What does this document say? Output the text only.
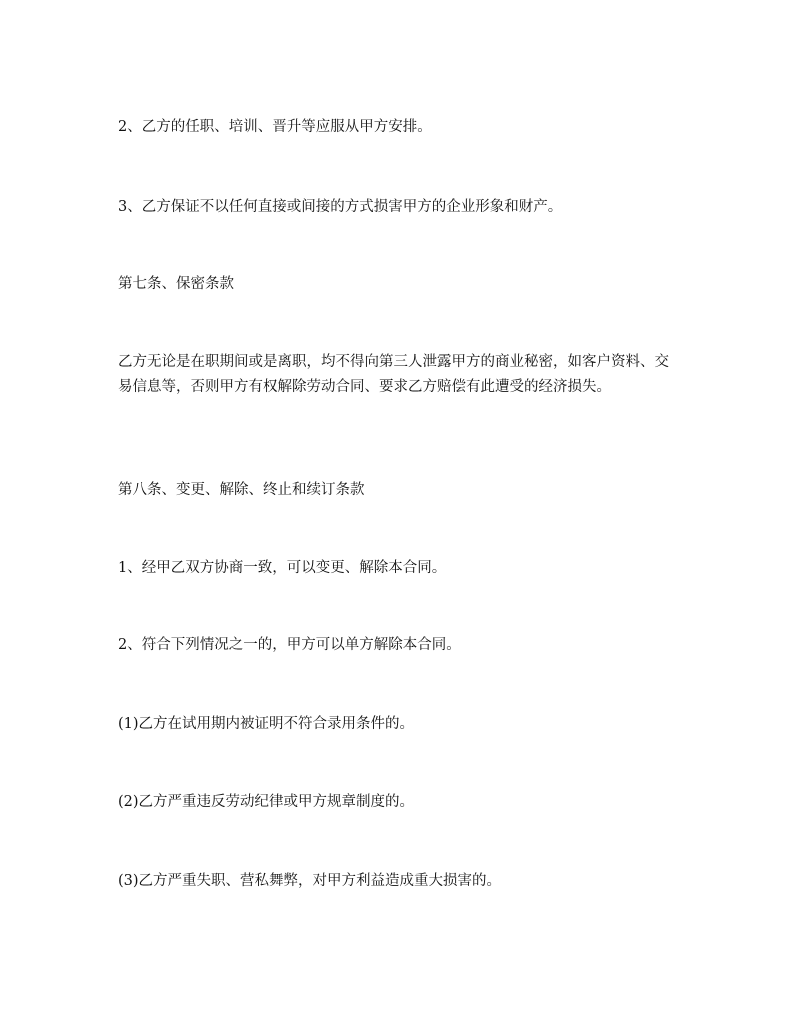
2、乙方的任职、培训、晋升等应服从甲方安排。

3、乙方保证不以任何直接或间接的方式损害甲方的企业形象和财产。

第七条、保密条款

乙方无论是在职期间或是离职，均不得向第三人泄露甲方的商业秘密，如客户资料、交易信息等，否则甲方有权解除劳动合同、要求乙方赔偿有此遭受的经济损失。

第八条、变更、解除、终止和续订条款

1、经甲乙双方协商一致，可以变更、解除本合同。

2、符合下列情况之一的，甲方可以单方解除本合同。

(1)乙方在试用期内被证明不符合录用条件的。

(2)乙方严重违反劳动纪律或甲方规章制度的。

(3)乙方严重失职、营私舞弊，对甲方利益造成重大损害的。
